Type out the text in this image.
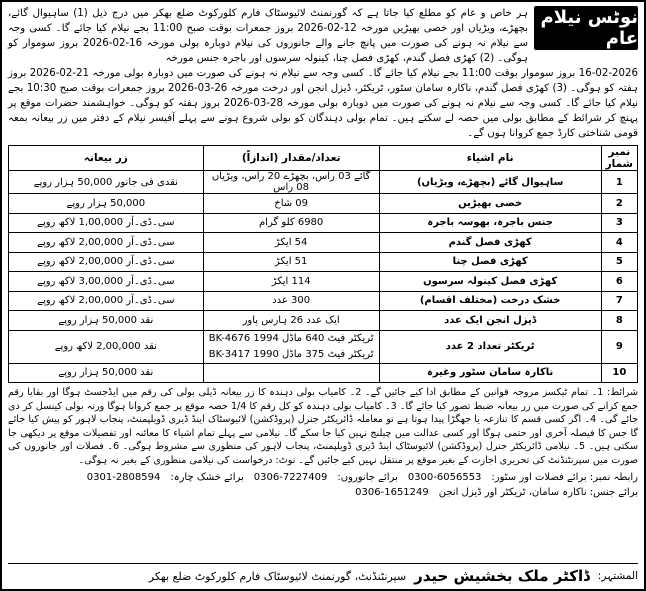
نوٹس نیلام عام

ہر خاص و عام کو مطلع کیا جاتا ہے کہ گورنمنٹ لائیوسٹاک فارم کلورکوٹ ضلع بھکر میں درج ذیل (1) ساہیوال گائے، بچھڑے، ویڑیاں اور خصی بھیڑیں مورخہ 12-02-2026 بروز جمعرات بوقت صبح 11:00 بجے نیلام کیا جائے گا۔ کسی وجہ سے نیلام نہ ہونے کی صورت میں پانچ جانے والے جانوروں کی نیلام دوبارہ بولی مورخہ 16-02-2026 بروز سوموار کو ہوگی۔ (2) کھڑی فصل گندم، کھڑی فصل چنا، کینولہ سرسوں اور باجرہ جنس مورخہ

16-02-2026 بروز سوموار بوقت 11:00 بجے نیلام کیا جائے گا۔ کسی وجہ سے نیلام نہ ہونے کی صورت میں دوبارہ بولی مورخہ 21-02-2026 بروز ہفتہ کو ہوگی۔ (3) کھڑی فصل گندم، ناکارہ سامان سٹور، ٹریکٹر، ڈیزل انجن اور درخت مورخہ 26-03-2026 بروز جمعرات بوقت صبح 10:30 بجے نیلام کیا جائے گا۔ کسی وجہ سے نیلام نہ ہونے کی صورت میں دوبارہ بولی مورخہ 28-03-2026 بروز ہفتہ کو ہوگی۔ خواہشمند حضرات موقع پر پہنچ کر شرائط کے مطابق بولی میں حصہ لے سکتے ہیں۔ تمام بولی دہندگان کو بولی شروع ہونے سے پہلے آفیسر نیلام کے دفتر میں زر بیعانہ بمعہ قومی شناختی کارڈ جمع کروانا ہوں گے۔

نمبر شمار	نام اشیاء	تعداد/مقدار (اندازاً)	زر بیعانہ
1	ساہیوال گائے (بچھڑے، ویڑیاں)	گائے 03 راس، بچھڑے 20 راس، ویڑیاں 08 راس	نقدی فی جانور 50,000 ہزار روپے
2	خصی بھیڑیں	09 شاخ	50,000 ہزار روپے
3	جنس باجرہ، بھوسہ باجرہ	6980 کلو گرام	سی۔ڈی۔آر 1,00,000 لاکھ روپے
4	کھڑی فصل گندم	54 ایکڑ	سی۔ڈی۔آر 2,00,000 لاکھ روپے
5	کھڑی فصل چنا	51 ایکڑ	سی۔ڈی۔آر 2,00,000 لاکھ روپے
6	کھڑی فصل کینولہ سرسوں	114 ایکڑ	سی۔ڈی۔آر 3,00,000 لاکھ روپے
7	خشک درخت (مختلف اقسام)	300 عدد	سی۔ڈی۔آر 2,00,000 لاکھ روپے
8	ڈیزل انجن ایک عدد	ایک عدد 26 ہارس پاور	نقد 50,000 ہزار روپے
9	ٹریکٹر تعداد 2 عدد	ٹریکٹر فیٹ 640 ماڈل 1994 BK-4676
ٹریکٹر فیٹ 375 ماڈل 1990 BK-3417	نقد 2,00,000 لاکھ روپے
10	ناکارہ سامان سٹور وغیرہ		نقد 50,000 ہزار روپے

شرائط: 1۔ تمام ٹیکسز مروجہ قوانین کے مطابق ادا کیے جائیں گے۔ 2۔ کامیاب بولی دہندہ کا زر بیعانہ ڈیلی بولی کی رقم میں ایڈجسٹ ہوگا اور بقایا رقم جمع کرانے کی صورت میں زر بیعانہ ضبط تصور کیا جائے گا۔ 3۔ کامیاب بولی دہندہ کو کل رقم کا 1/4 حصہ موقع پر جمع کروانا ہوگا ورنہ بولی کینسل کر دی جائے گی۔ 4۔ اگر کسی قسم کا تنازعہ یا جھگڑا پیدا ہوتا ہے تو معاملہ ڈائریکٹر جنرل (پروڈکشن) لائیوسٹاک اینڈ ڈیری ڈویلپمنٹ، پنجاب لاہور کو پیش کیا جائے گا جس کا فیصلہ آخری اور حتمی ہوگا اور کسی عدالت میں چیلنج نہیں کیا جا سکے گا۔ نیلامی سے پہلے تمام اشیاء کا معائنہ اور تفصیلات موقع پر دیکھی جا سکتی ہیں۔ 5۔ نیلامی ڈائریکٹر جنرل (پروڈکشن) لائیوسٹاک اینڈ ڈیری ڈویلپمنٹ، پنجاب لاہور کی منظوری سے مشروط ہوگی۔ 6۔ فصلات اور جانوروں کی صورت میں سپرنٹنڈنٹ کی تحریری اجازت کے بغیر موقع پر منتقل نہیں کیے جائیں گے۔ نوٹ: درخواست کی نیلامی منظوری کے بغیر نہ ہوگی۔

رابطہ نمبر: برائے فصلات اور سٹور:
0300-6056553
برائے جانوروں:
0306-7227409
برائے خشک چارہ:
0301-2808594
برائے جنس: ناکارہ سامان، ٹریکٹر اور ڈیزل انجن
0306-1651249
المشتہر:
ڈاکٹر ملک بخشیش حیدر
سپرنٹنڈنٹ، گورنمنٹ لائیوسٹاک فارم کلورکوٹ ضلع بھکر
